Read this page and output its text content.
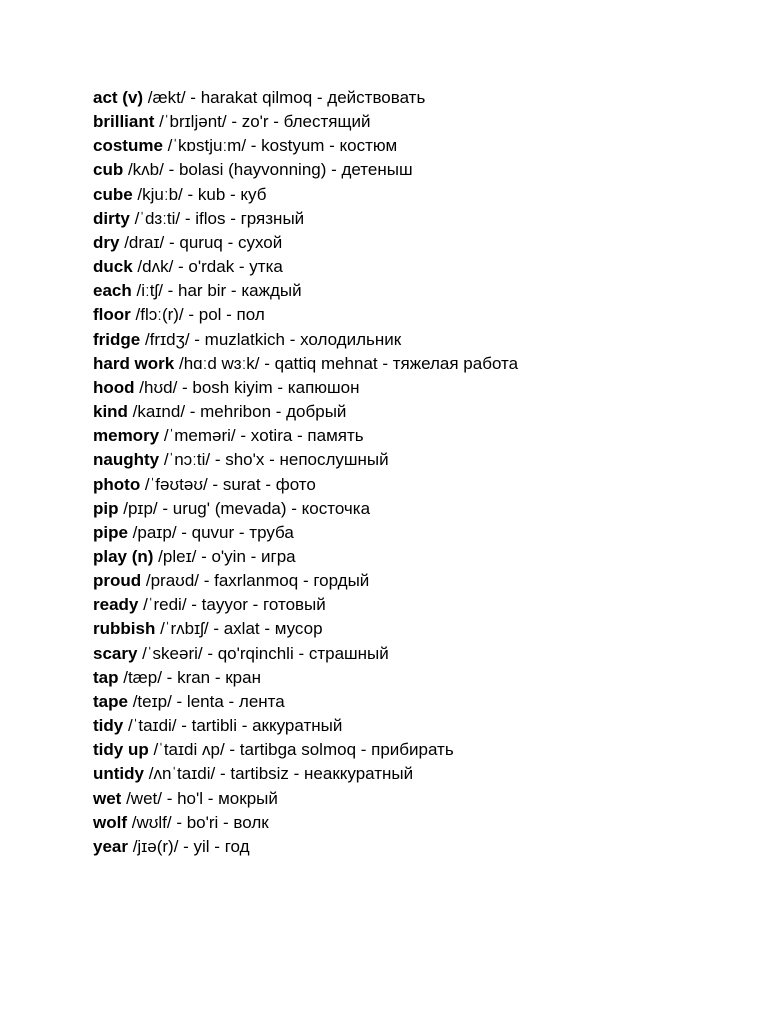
act (v) /ækt/ - harakat qilmoq - действовать
brilliant /ˈbrɪljənt/ - zo'r - блестящий
costume /ˈkɒstjuːm/ - kostyum - костюм
cub /kʌb/ - bolasi (hayvonning) - детеныш
cube /kjuːb/ - kub - куб
dirty /ˈdɜːti/ - iflos - грязный
dry /draɪ/ - quruq - сухой
duck /dʌk/ - o'rdak - утка
each /iːtʃ/ - har bir - каждый
floor /flɔː(r)/ - pol - пол
fridge /frɪdʒ/ - muzlatkich - холодильник
hard work /hɑːd wɜːk/ - qattiq mehnat - тяжелая работа
hood /hʊd/ - bosh kiyim - капюшон
kind /kaɪnd/ - mehribon - добрый
memory /ˈmeməri/ - xotira - память
naughty /ˈnɔːti/ - sho'x - непослушный
photo /ˈfəʊtəʊ/ - surat - фото
pip /pɪp/ - urug' (mevada) - косточка
pipe /paɪp/ - quvur - труба
play (n) /pleɪ/ - o'yin - игра
proud /praʊd/ - faxrlanmoq - гордый
ready /ˈredi/ - tayyor - готовый
rubbish /ˈrʌbɪʃ/ - axlat - мусор
scary /ˈskeəri/ - qo'rqinchli - страшный
tap /tæp/ - kran - кран
tape /teɪp/ - lenta - лента
tidy /ˈtaɪdi/ - tartibli - аккуратный
tidy up /ˈtaɪdi ʌp/ - tartibga solmoq - прибирать
untidy /ʌnˈtaɪdi/ - tartibsiz - неаккуратный
wet /wet/ - ho'l - мокрый
wolf /wʊlf/ - bo'ri - волк
year /jɪə(r)/ - yil - год
